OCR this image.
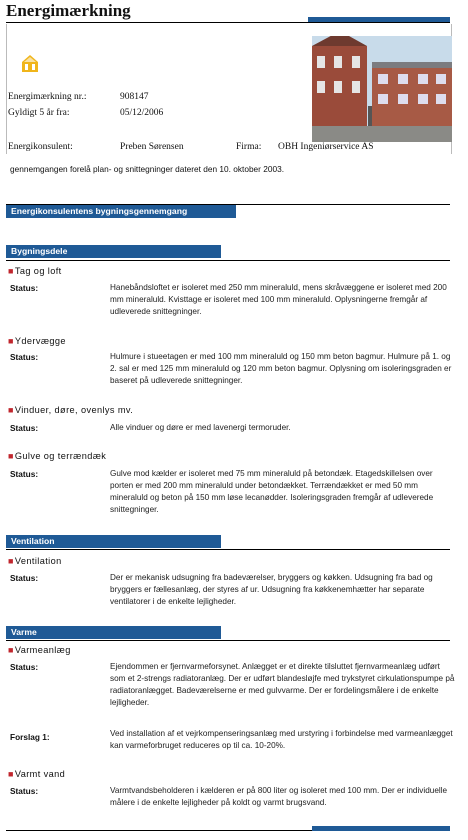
Energimærkning
Energimærkning nr.:	908147
Gyldigt 5 år fra:	05/12/2006
Energikonsulent:	Preben Sørensen	Firma: OBH Ingeniørservice AS
gennemgangen forelå plan- og snittegninger dateret den 10. oktober 2003.
Energikonsulentens bygningsgennemgang
Bygningsdele
■Tag og loft
Status:	Hanebåndsloftet er isoleret med 250 mm mineraluld, mens skråvæggene er isoleret med 200 mm mineraluld. Kvisttage er isoleret med 100 mm mineraluld. Oplysningerne fremgår af udleverede snittegninger.
■Ydervægge
Status:	Hulmure i stueetagen er med 100 mm mineraluld og 150 mm beton bagmur. Hulmure på 1. og 2. sal er med 125 mm mineraluld og 120 mm beton bagmur. Oplysning om isoleringsgraden er baseret på udleverede snittegninger.
■Vinduer, døre, ovenlys mv.
Status:	Alle vinduer og døre er med lavenergi termoruder.
■Gulve og terrændæk
Status:	Gulve mod kælder er isoleret med 75 mm mineraluld på betondæk. Etagedskillelsen over porten er med 200 mm mineraluld under betondækket. Terrændækket er med 50 mm mineraluld og beton på 150 mm løse lecanødder. Isoleringsgraden fremgår af udleverede snittegninger.
Ventilation
■Ventilation
Status:	Der er mekanisk udsugning fra badeværelser, bryggers og køkken. Udsugning fra bad og bryggers er fællesanlæg, der styres af ur. Udsugning fra køkkenemhætter har separate ventilatorer i de enkelte lejligheder.
Varme
■Varmeanlæg
Status:	Ejendommen er fjernvarmeforsynet. Anlægget er et direkte tilsluttet fjernvarmeanlæg udført som et 2-strengs radiatoranlæg. Der er udført blandesløjfe med trykstyret cirkulationspumpe på radiatoranlægget. Badeværelserne er med gulvvarme. Der er fordelingsmålere i de enkelte lejligheder.
Forslag 1:	Ved installation af et vejrkompenseringsanlæg med urstyring i forbindelse med varmeanlægget kan varmeforbruget reduceres op til ca. 10-20%.
■Varmt vand
Status:	Varmtvandsbeholderen i kælderen er på 800 liter og isoleret med 100 mm. Der er individuelle målere i de enkelte lejligheder på koldt og varmt brugsvand.
